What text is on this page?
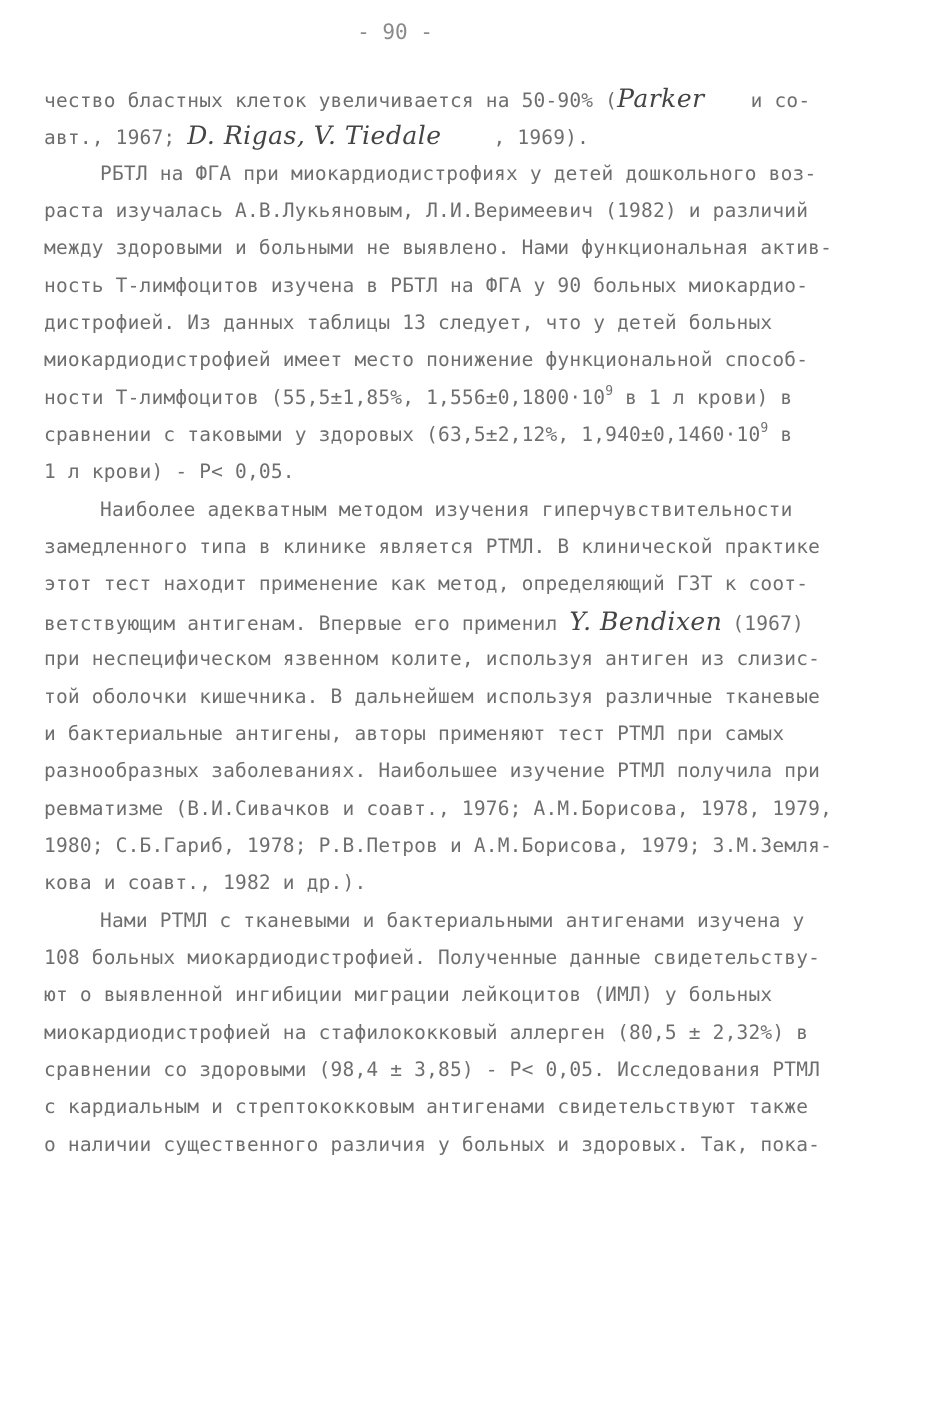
- 90 -
чество бластных клеток увеличивается на 50-90% (Parker и со-
авт., 1967; D. Rigas, V. Tiedale	, 1969).
РБТЛ на ФГА при миокардиодистрофиях у детей дошкольного воз-
раста изучалась А.В.Лукьяновым, Л.И.Веримеевич (1982) и различий
между здоровыми и больными не выявлено. Нами функциональная актив-
ность Т-лимфоцитов изучена в РБТЛ на ФГА у 90 больных миокардио-
дистрофией. Из данных таблицы 13 следует, что у детей больных
миокардиодистрофией имеет место понижение функциональной способ-
ности Т-лимфоцитов (55,5±1,85%, $1,556\pm 0,1800\cdot 10^9$ в 1 л крови) в
сравнении с таковыми у здоровых (63,5±2,12%, $1,940\pm 0,1460\cdot 10^9$ в
1 л крови) - P< 0,05.
Наиболее адекватным методом изучения гиперчувствительности
замедленного типа в клинике является РТМЛ. В клинической практике
этот тест находит применение как метод, определяющий ГЗТ к соот-
ветствующим антигенам. Впервые его применил Y. Bendixen (1967)
при неспецифическом язвенном колите, используя антиген из слизис-
той оболочки кишечника. В дальнейшем используя различные тканевые
и бактериальные антигены, авторы применяют тест РТМЛ при самых
разнообразных заболеваниях. Наибольшее изучение РТМЛ получила при
ревматизме (В.И.Сивачков и соавт., 1976; А.М.Борисова, 1978, 1979,
1980; С.Б.Гариб, 1978; Р.В.Петров и А.М.Борисова, 1979; З.М.Земля-
кова и соавт., 1982 и др.).
Нами РТМЛ с тканевыми и бактериальными антигенами изучена у
108 больных миокардиодистрофией. Полученные данные свидетельству-
ют о выявленной ингибиции миграции лейкоцитов (ИМЛ) у больных
миокардиодистрофией на стафилококковый аллерген (80,5 ± 2,32%) в
сравнении со здоровыми (98,4 ± 3,85) - P< 0,05. Исследования РТМЛ
с кардиальным и стрептококковым антигенами свидетельствуют также
о наличии существенного различия у больных и здоровых. Так, пока-
